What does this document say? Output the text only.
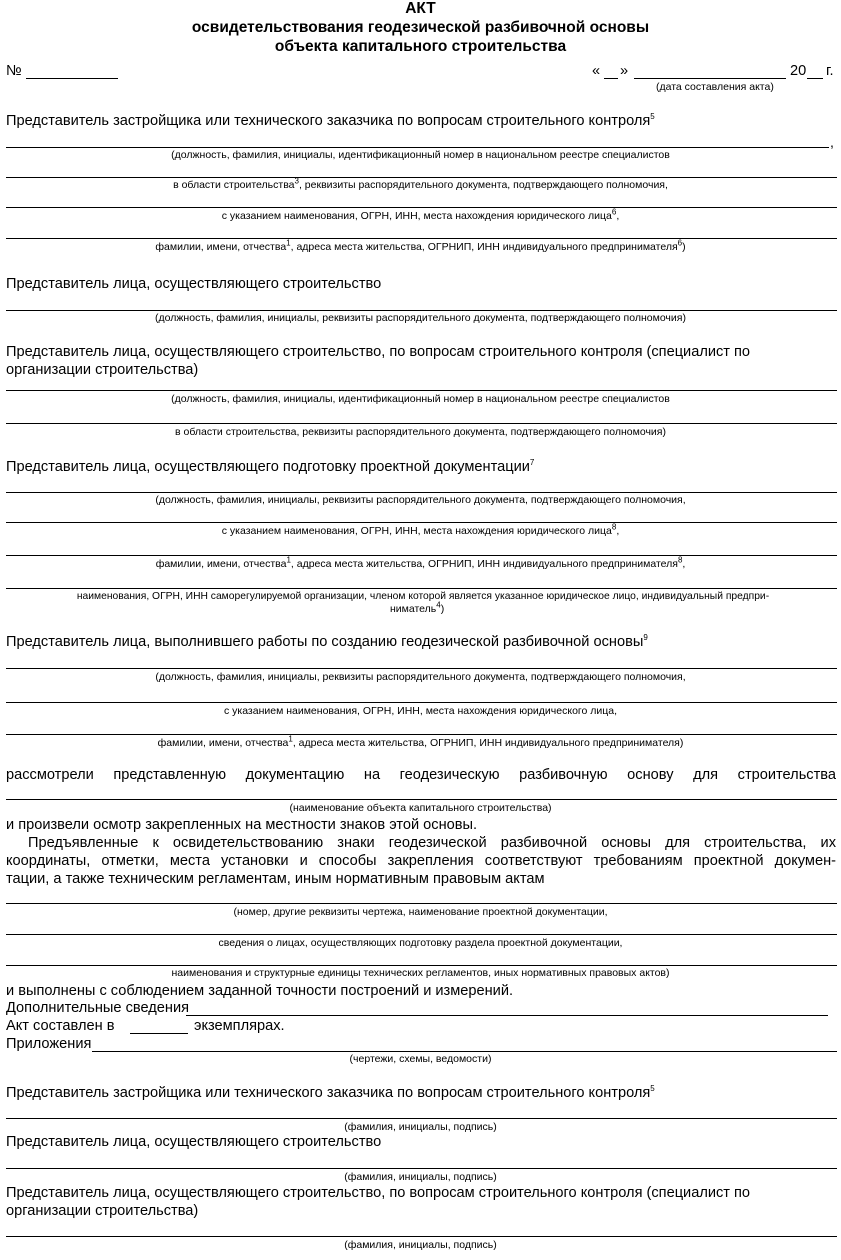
АКТ
освидетельствования геодезической разбивочной основы
объекта капитального строительства
№	« »	20 г.
(дата составления акта)
Представитель застройщика или технического заказчика по вопросам строительного контроля$^5$
,
(должность, фамилия, инициалы, идентификационный номер в национальном реестре специалистов
в области строительства$^3$, реквизиты распорядительного документа, подтверждающего полномочия,
с указанием наименования, ОГРН, ИНН, места нахождения юридического лица$^6$,
фамилии, имени, отчества$^1$, адреса места жительства, ОГРНИП, ИНН индивидуального предпринимателя$^6$)
Представитель лица, осуществляющего строительство
(должность, фамилия, инициалы, реквизиты распорядительного документа, подтверждающего полномочия)
Представитель лица, осуществляющего строительство, по вопросам строительного контроля (специалист по
организации строительства)
(должность, фамилия, инициалы, идентификационный номер в национальном реестре специалистов
в области строительства, реквизиты распорядительного документа, подтверждающего полномочия)
Представитель лица, осуществляющего подготовку проектной документации$^7$
(должность, фамилия, инициалы, реквизиты распорядительного документа, подтверждающего полномочия,
с указанием наименования, ОГРН, ИНН, места нахождения юридического лица$^8$,
фамилии, имени, отчества$^1$, адреса места жительства, ОГРНИП, ИНН индивидуального предпринимателя$^8$,
наименования, ОГРН, ИНН саморегулируемой организации, членом которой является указанное юридическое лицо, индивидуальный предпри-
ниматель$^4$)
Представитель лица, выполнившего работы по созданию геодезической разбивочной основы$^9$
(должность, фамилия, инициалы, реквизиты распорядительного документа, подтверждающего полномочия,
с указанием наименования, ОГРН, ИНН, места нахождения юридического лица,
фамилии, имени, отчества$^1$, адреса места жительства, ОГРНИП, ИНН индивидуального предпринимателя)
рассмотрели представленную документацию на геодезическую разбивочную основу для строительства
(наименование объекта капитального строительства)
и произвели осмотр закрепленных на местности знаков этой основы.
Предъявленные к освидетельствованию знаки геодезической разбивочной основы для строительства, их
координаты, отметки, места установки и способы закрепления соответствуют требованиям проектной докумен-
тации, а также техническим регламентам, иным нормативным правовым актам
(номер, другие реквизиты чертежа, наименование проектной документации,
сведения о лицах, осуществляющих подготовку раздела проектной документации,
наименования и структурные единицы технических регламентов, иных нормативных правовых актов)
и выполнены с соблюдением заданной точности построений и измерений.
Дополнительные сведения
Акт составлен в	экземплярах.
Приложения
(чертежи, схемы, ведомости)
Представитель застройщика или технического заказчика по вопросам строительного контроля$^5$
(фамилия, инициалы, подпись)
Представитель лица, осуществляющего строительство
(фамилия, инициалы, подпись)
Представитель лица, осуществляющего строительство, по вопросам строительного контроля (специалист по
организации строительства)
(фамилия, инициалы, подпись)
